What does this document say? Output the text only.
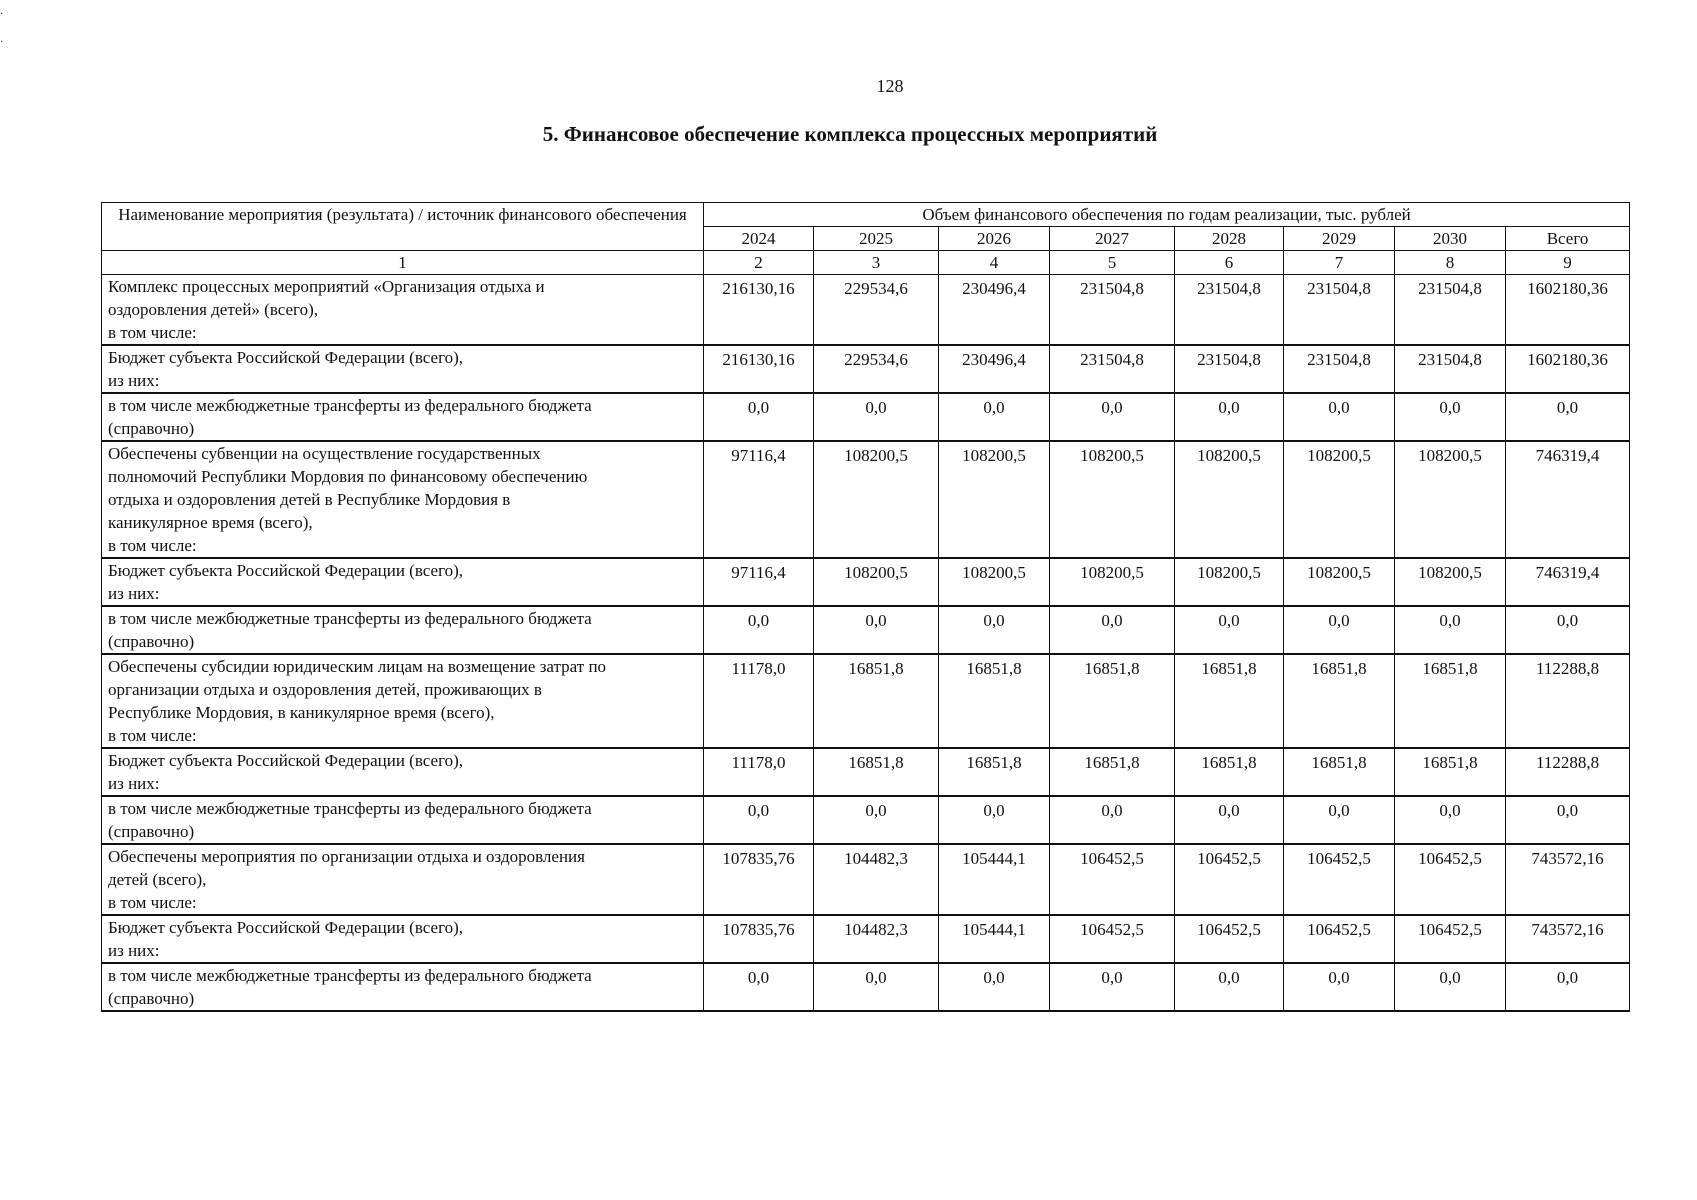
·

·
128
5. Финансовое обеспечение комплекса процессных мероприятий
Наименование мероприятия (результата) / источник финансового обеспечения	Объем финансового обеспечения по годам реализации, тыс. рублей							
	2024	2025	2026	2027	2028	2029	2030	Всего
1	2	3	4	5	6	7	8	9

Комплекс процессных мероприятий «Организация отдыха и
оздоровления детей» (всего),
в том числе:	216130,16	229534,6	230496,4	231504,8	231504,8	231504,8	231504,8	1602180,36

Бюджет субъекта Российской Федерации (всего),
из них:	216130,16	229534,6	230496,4	231504,8	231504,8	231504,8	231504,8	1602180,36

в том числе межбюджетные трансферты из федерального бюджета
(справочно)	0,0	0,0	0,0	0,0	0,0	0,0	0,0	0,0

Обеспечены субвенции на осуществление государственных
полномочий Республики Мордовия по финансовому обеспечению
отдыха и оздоровления детей в Республике Мордовия в
каникулярное время (всего),
в том числе:	97116,4	108200,5	108200,5	108200,5	108200,5	108200,5	108200,5	746319,4

Бюджет субъекта Российской Федерации (всего),
из них:	97116,4	108200,5	108200,5	108200,5	108200,5	108200,5	108200,5	746319,4

в том числе межбюджетные трансферты из федерального бюджета
(справочно)	0,0	0,0	0,0	0,0	0,0	0,0	0,0	0,0

Обеспечены субсидии юридическим лицам на возмещение затрат по
организации отдыха и оздоровления детей, проживающих в
Республике Мордовия, в каникулярное время (всего),
в том числе:	11178,0	16851,8	16851,8	16851,8	16851,8	16851,8	16851,8	112288,8

Бюджет субъекта Российской Федерации (всего),
из них:	11178,0	16851,8	16851,8	16851,8	16851,8	16851,8	16851,8	112288,8

в том числе межбюджетные трансферты из федерального бюджета
(справочно)	0,0	0,0	0,0	0,0	0,0	0,0	0,0	0,0

Обеспечены мероприятия по организации отдыха и оздоровления
детей (всего),
в том числе:	107835,76	104482,3	105444,1	106452,5	106452,5	106452,5	106452,5	743572,16

Бюджет субъекта Российской Федерации (всего),
из них:	107835,76	104482,3	105444,1	106452,5	106452,5	106452,5	106452,5	743572,16

в том числе межбюджетные трансферты из федерального бюджета
(справочно)	0,0	0,0	0,0	0,0	0,0	0,0	0,0	0,0
